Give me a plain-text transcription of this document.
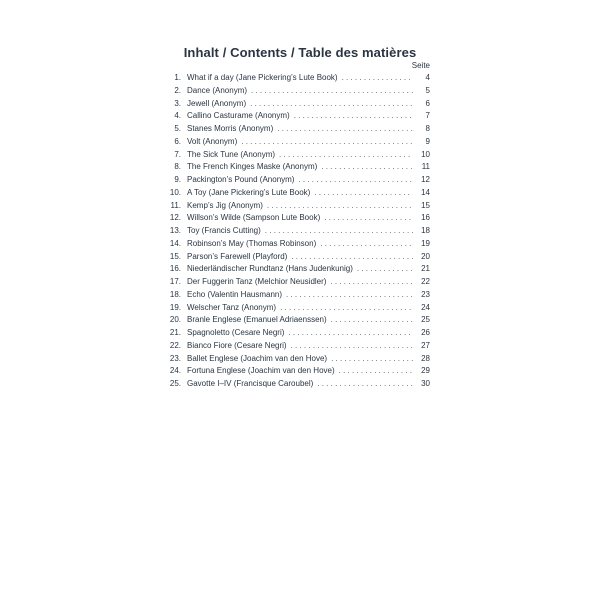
Inhalt / Contents / Table des matières
Seite
1. What if a day (Jane Pickering’s Lute Book) . . .	4
2. Dance (Anonym) . . .	5
3. Jewell (Anonym) . . .	6
4. Callino Casturame (Anonym) . . .	7
5. Stanes Morris (Anonym) . . .	8
6. Volt (Anonym) . . .	9
7. The Sick Tune (Anonym) . . .	10
8. The French Kinges Maske (Anonym) . . .	11
9. Packington’s Pound (Anonym) . . .	12
10. A Toy (Jane Pickering’s Lute Book) . . .	14
11. Kemp’s Jig (Anonym) . . .	15
12. Willson’s Wilde (Sampson Lute Book) . . .	16
13. Toy (Francis Cutting) . . .	18
14. Robinson’s May (Thomas Robinson) . . .	19
15. Parson’s Farewell (Playford) . . .	20
16. Niederländischer Rundtanz (Hans Judenkunig) . . .	21
17. Der Fuggerin Tanz (Melchior Neusidler) . . .	22
18. Echo (Valentin Hausmann) . . .	23
19. Welscher Tanz (Anonym) . . .	24
20. Branle Englese (Emanuel Adriaenssen) . . .	25
21. Spagnoletto (Cesare Negri) . . .	26
22. Bianco Fiore (Cesare Negri) . . .	27
23. Ballet Englese (Joachim van den Hove) . . .	28
24. Fortuna Englese (Joachim van den Hove) . . .	29
25. Gavotte I–IV (Francisque Caroubel) . . .	30
